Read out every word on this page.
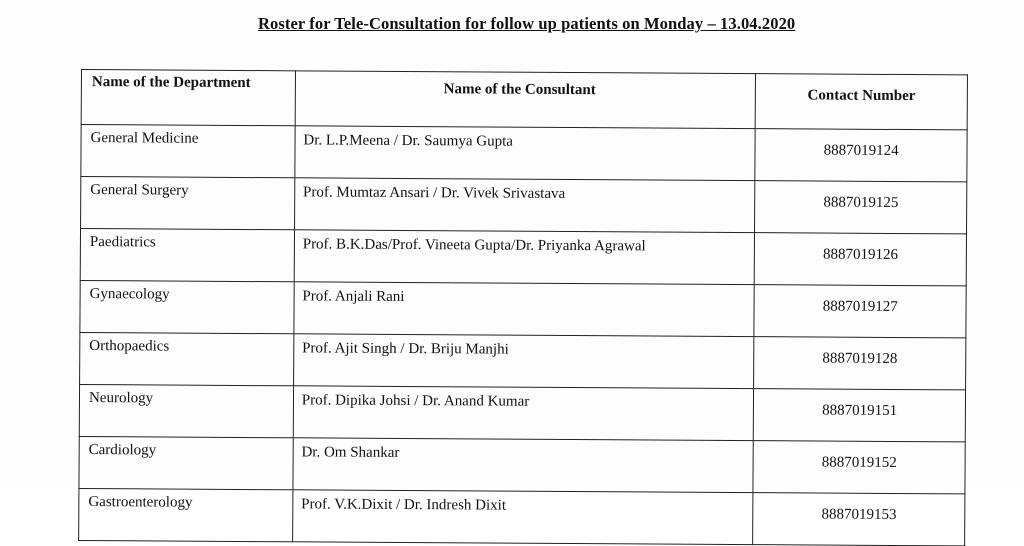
Roster for Tele-Consultation for follow up patients on Monday – 13.04.2020
Name of the Department	Name of the Consultant	Contact Number
General Medicine	Dr. L.P.Meena / Dr. Saumya Gupta	8887019124
General Surgery	Prof. Mumtaz Ansari / Dr. Vivek Srivastava	8887019125
Paediatrics	Prof. B.K.Das/Prof. Vineeta Gupta/Dr. Priyanka Agrawal	8887019126
Gynaecology	Prof. Anjali Rani	8887019127
Orthopaedics	Prof. Ajit Singh / Dr. Briju Manjhi	8887019128
Neurology	Prof. Dipika Johsi / Dr. Anand Kumar	8887019151
Cardiology	Dr. Om Shankar	8887019152
Gastroenterology	Prof. V.K.Dixit / Dr. Indresh Dixit	8887019153
